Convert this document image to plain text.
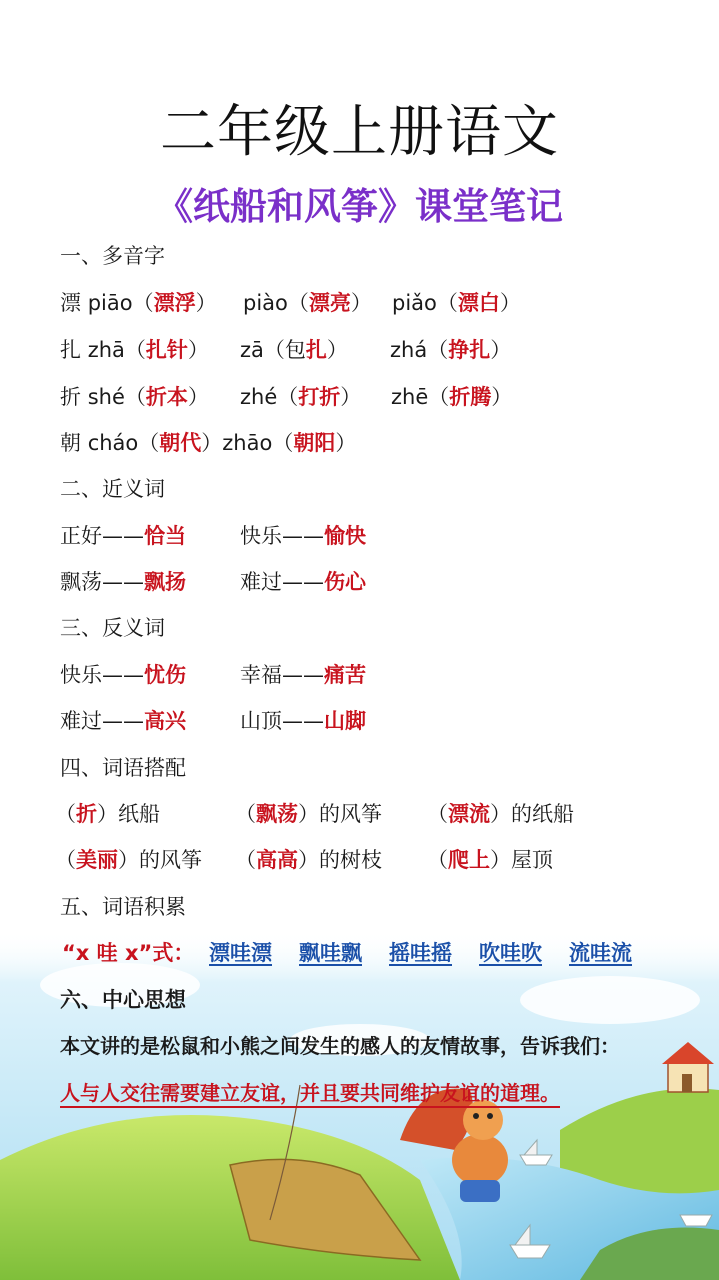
二年级上册语文
《纸船和风筝》课堂笔记
一、多音字
漂 piāo（漂浮） piào（漂亮） piǎo（漂白）
扎 zhā（扎针） zā（包扎） zhá（挣扎）
折 shé（折本） zhé（打折） zhē（折腾）
朝 cháo（朝代）zhāo（朝阳）
二、近义词
正好——恰当	快乐——愉快
飘荡——飘扬	难过——伤心
三、反义词
快乐——忧伤	幸福——痛苦
难过——高兴	山顶——山脚
四、词语搭配
（折）纸船	（飘荡）的风筝 （漂流）的纸船
（美丽）的风筝 （高高）的树枝 （爬上）屋顶
五、词语积累
“x 哇 x”式： 漂哇漂 飘哇飘 摇哇摇 吹哇吹 流哇流
六、中心思想
本文讲的是松鼠和小熊之间发生的感人的友情故事，告诉我们：
人与人交往需要建立友谊，并且要共同维护友谊的道理。
